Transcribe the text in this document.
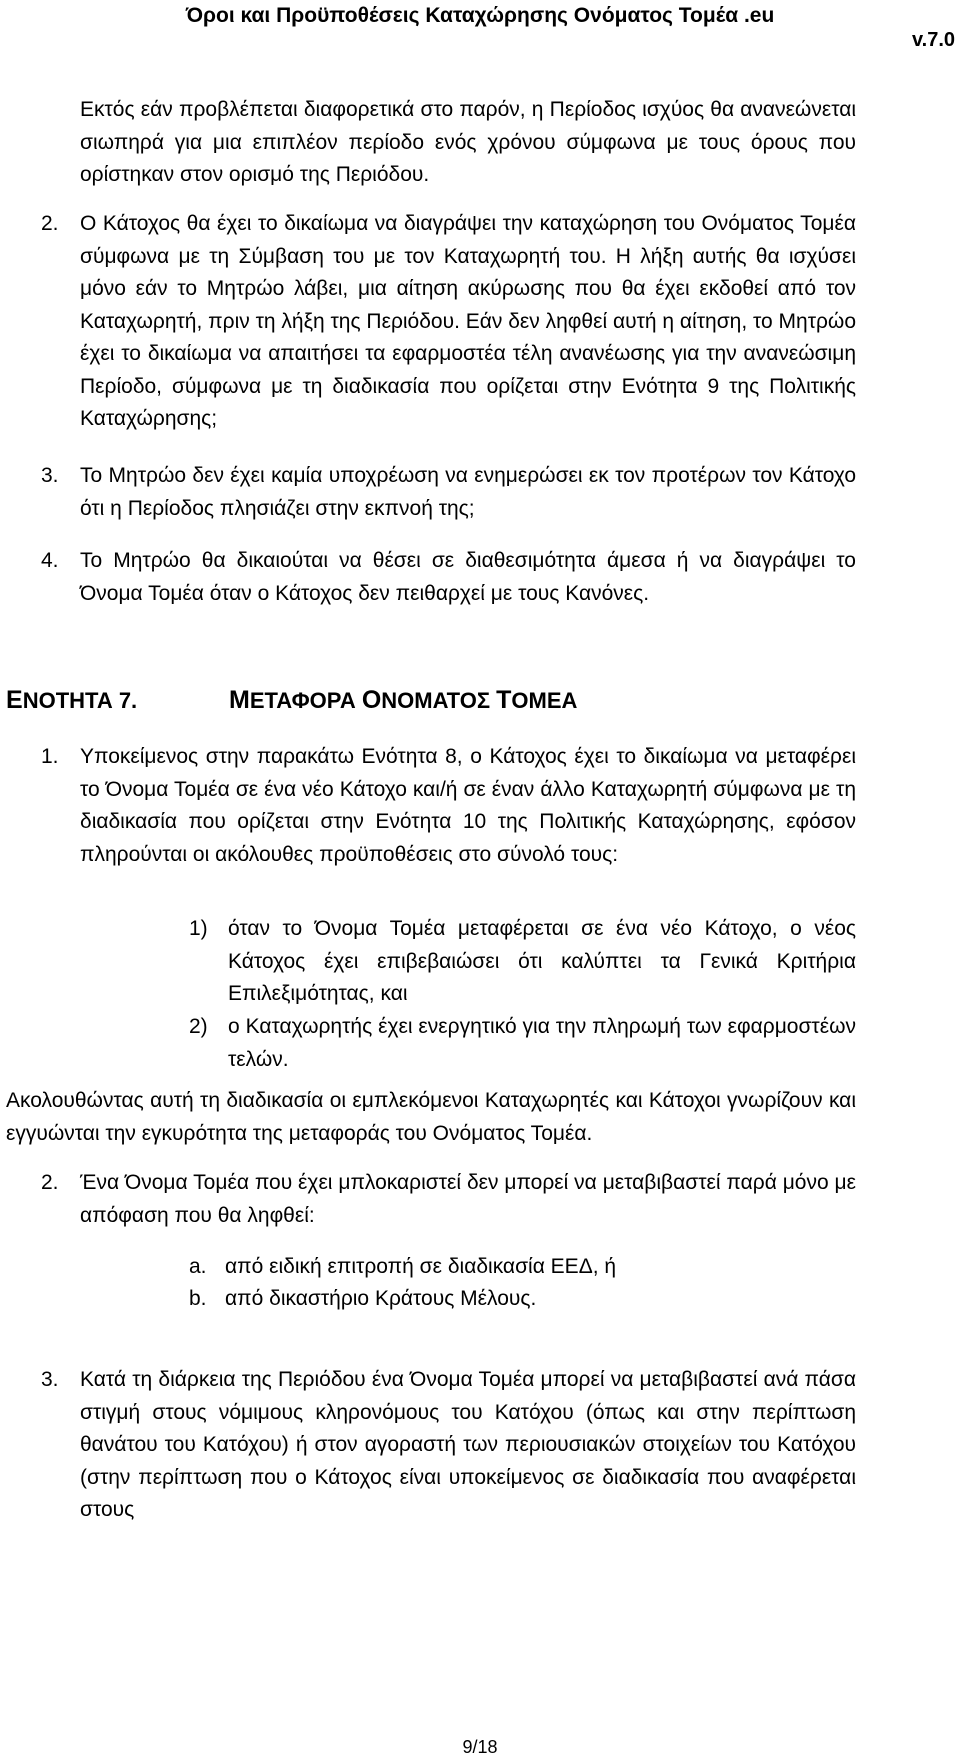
Όροι και Προϋποθέσεις Καταχώρησης Ονόματος Τομέα .eu
v.7.0

Εκτός εάν προβλέπεται διαφορετικά στο παρόν, η Περίοδος ισχύος θα ανανεώνεται σιωπηρά για μια επιπλέον περίοδο ενός χρόνου σύμφωνα με τους όρους που ορίστηκαν στον ορισμό της Περιόδου.

2. Ο Κάτοχος θα έχει το δικαίωμα να διαγράψει την καταχώρηση του Ονόματος Τομέα σύμφωνα με τη Σύμβαση του με τον Καταχωρητή του. Η λήξη αυτής θα ισχύσει μόνο εάν το Μητρώο λάβει, μια αίτηση ακύρωσης που θα έχει εκδοθεί από τον Καταχωρητή, πριν τη λήξη της Περιόδου. Εάν δεν ληφθεί αυτή η αίτηση, το Μητρώο έχει το δικαίωμα να απαιτήσει τα εφαρμοστέα τέλη ανανέωσης για την ανανεώσιμη Περίοδο, σύμφωνα με τη διαδικασία που ορίζεται στην Ενότητα 9 της Πολιτικής Καταχώρησης;

3. Το Μητρώο δεν έχει καμία υποχρέωση να ενημερώσει εκ τον προτέρων τον Κάτοχο ότι η Περίοδος πλησιάζει στην εκπνοή της;

4. Το Μητρώο θα δικαιούται να θέσει σε διαθεσιμότητα άμεσα ή να διαγράψει το Όνομα Τομέα όταν ο Κάτοχος δεν πειθαρχεί με τους Κανόνες.

ΕΝΟΤΗΤΑ 7.	ΜΕΤΑΦΟΡΑ ΟΝΟΜΑΤΟΣ ΤΟΜΕΑ
1. Υποκείμενος στην παρακάτω Ενότητα 8, ο Κάτοχος έχει το δικαίωμα να μεταφέρει το Όνομα Τομέα σε ένα νέο Κάτοχο και/ή σε έναν άλλο Καταχωρητή σύμφωνα με τη διαδικασία που ορίζεται στην Ενότητα 10 της Πολιτικής Καταχώρησης, εφόσον πληρούνται οι ακόλουθες προϋποθέσεις στο σύνολό τους:

1) όταν το Όνομα Τομέα μεταφέρεται σε ένα νέο Κάτοχο, ο νέος Κάτοχος έχει επιβεβαιώσει ότι καλύπτει τα Γενικά Κριτήρια Επιλεξιμότητας, και

2) ο Καταχωρητής έχει ενεργητικό για την πληρωμή των εφαρμοστέων τελών.

Ακολουθώντας αυτή τη διαδικασία οι εμπλεκόμενοι Καταχωρητές και Κάτοχοι γνωρίζουν και εγγυώνται την εγκυρότητα της μεταφοράς του Ονόματος Τομέα.

2. Ένα Όνομα Τομέα που έχει μπλοκαριστεί δεν μπορεί να μεταβιβαστεί παρά μόνο με απόφαση που θα ληφθεί:

a. από ειδική επιτροπή σε διαδικασία ΕΕΔ, ή

b. από δικαστήριο Κράτους Μέλους.

3. Κατά τη διάρκεια της Περιόδου ένα Όνομα Τομέα μπορεί να μεταβιβαστεί ανά πάσα στιγμή στους νόμιμους κληρονόμους του Κατόχου (όπως και στην περίπτωση θανάτου του Κατόχου) ή στον αγοραστή των περιουσιακών στοιχείων του Κατόχου (στην περίπτωση που ο Κάτοχος είναι υποκείμενος σε διαδικασία που αναφέρεται στους

9/18
